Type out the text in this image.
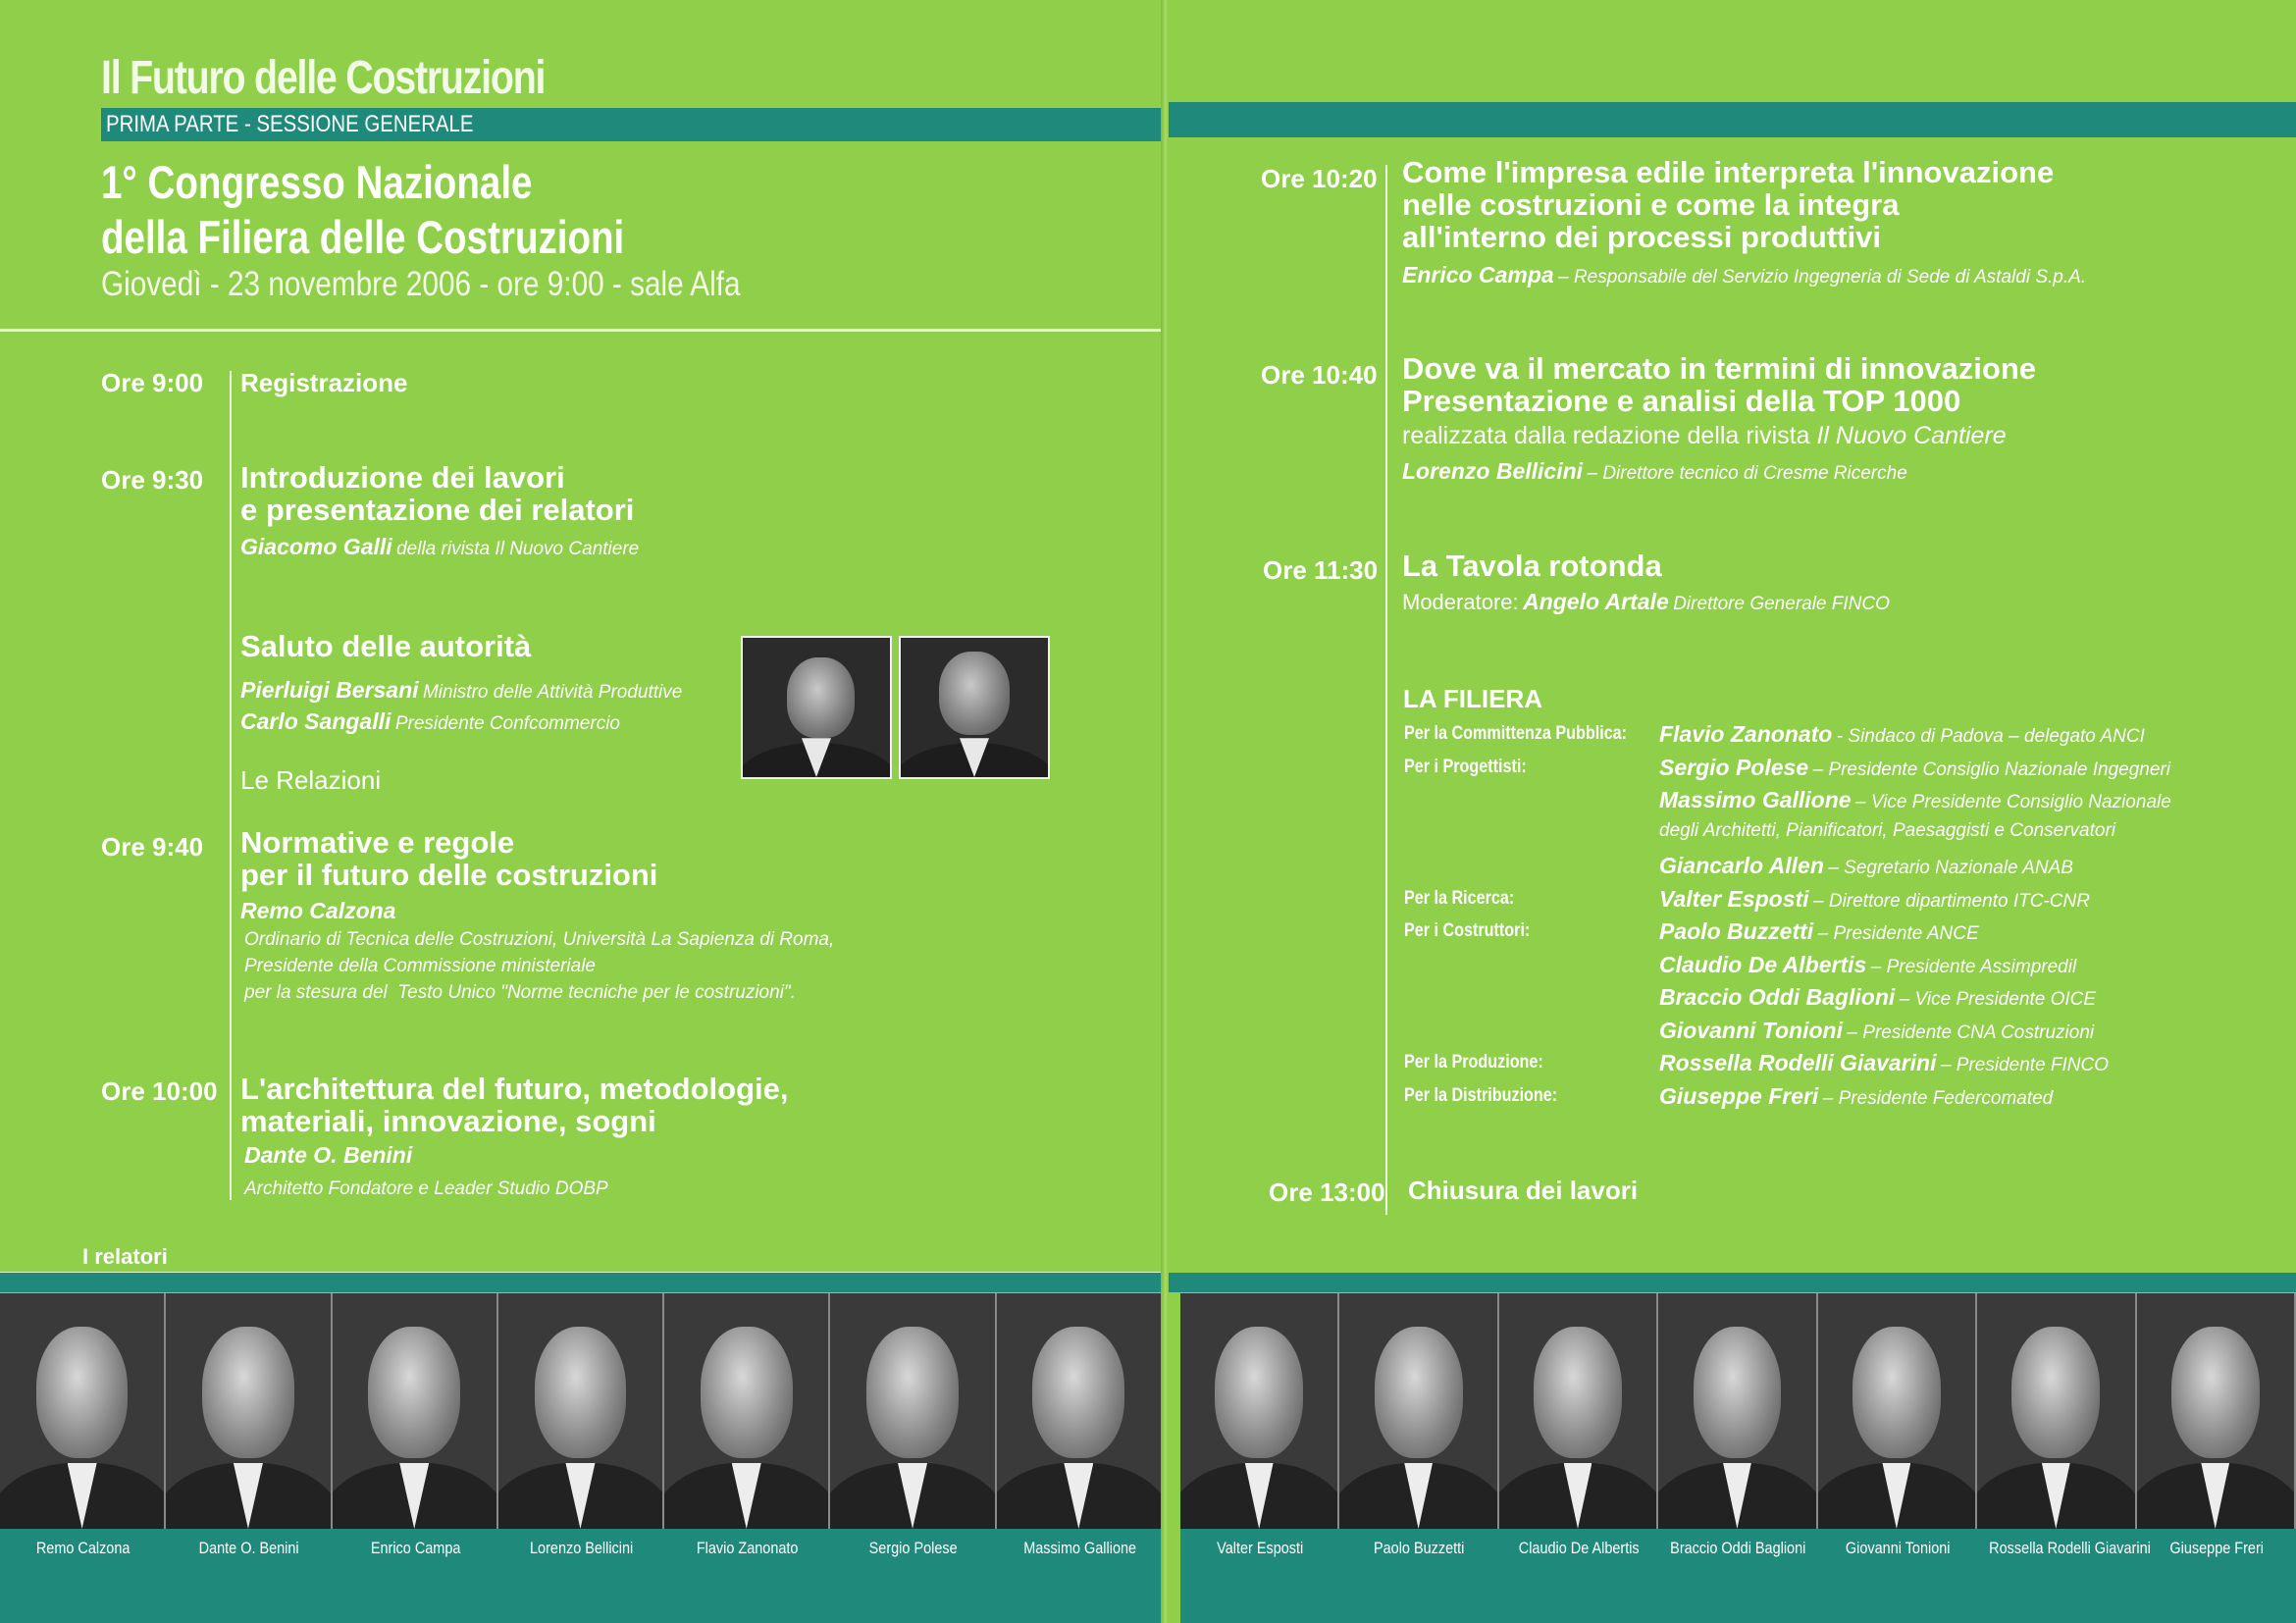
Il Futuro delle Costruzioni
PRIMA PARTE - SESSIONE GENERALE
1° Congresso Nazionale
della Filiera delle Costruzioni
Giovedì - 23 novembre 2006 - ore 9:00 - sale Alfa
Ore 9:00 Registrazione
Ore 9:30 Introduzione dei lavori
e presentazione dei relatori
Giacomo Galli della rivista Il Nuovo Cantiere
Saluto delle autorità
Pierluigi Bersani Ministro delle Attività Produttive
Carlo Sangalli Presidente Confcommercio
Le Relazioni
Ore 9:40 Normative e regole
per il futuro delle costruzioni
Remo Calzona
Ordinario di Tecnica delle Costruzioni, Università La Sapienza di Roma,
Presidente della Commissione ministeriale
per la stesura del  Testo Unico "Norme tecniche per le costruzioni".
Ore 10:00 L'architettura del futuro, metodologie,
materiali, innovazione, sogni
Dante O. Benini
Architetto Fondatore e Leader Studio DOBP
I relatori
Remo Calzona	Dante O. Benini	Enrico Campa	Lorenzo Bellicini	Flavio Zanonato	Sergio Polese	Massimo Gallione
Ore 10:20 Come l'impresa edile interpreta l'innovazione
nelle costruzioni e come la integra
all'interno dei processi produttivi
Enrico Campa – Responsabile del Servizio Ingegneria di Sede di Astaldi S.p.A.
Ore 10:40 Dove va il mercato in termini di innovazione
Presentazione e analisi della TOP 1000
realizzata dalla redazione della rivista Il Nuovo Cantiere
Lorenzo Bellicini – Direttore tecnico di Cresme Ricerche
Ore 11:30 La Tavola rotonda
Moderatore: Angelo Artale Direttore Generale FINCO
LA FILIERA
Per la Committenza Pubblica: Flavio Zanonato - Sindaco di Padova – delegato ANCI
Per i Progettisti:	Sergio Polese – Presidente Consiglio Nazionale Ingegneri
Massimo Gallione – Vice Presidente Consiglio Nazionale
degli Architetti, Pianificatori, Paesaggisti e Conservatori
Giancarlo Allen – Segretario Nazionale ANAB
Per la Ricerca:	Valter Esposti – Direttore dipartimento ITC-CNR
Per i Costruttori:	Paolo Buzzetti – Presidente ANCE
Claudio De Albertis – Presidente Assimpredil
Braccio Oddi Baglioni – Vice Presidente OICE
Giovanni Tonioni – Presidente CNA Costruzioni
Per la Produzione:	Rossella Rodelli Giavarini – Presidente FINCO
Per la Distribuzione:	Giuseppe Freri – Presidente Federcomated
Ore 13:00 Chiusura dei lavori
Valter Esposti	Paolo Buzzetti	Claudio De Albertis	Braccio Oddi Baglioni	Giovanni Tonioni	Rossella Rodelli Giavarini	Giuseppe Freri
